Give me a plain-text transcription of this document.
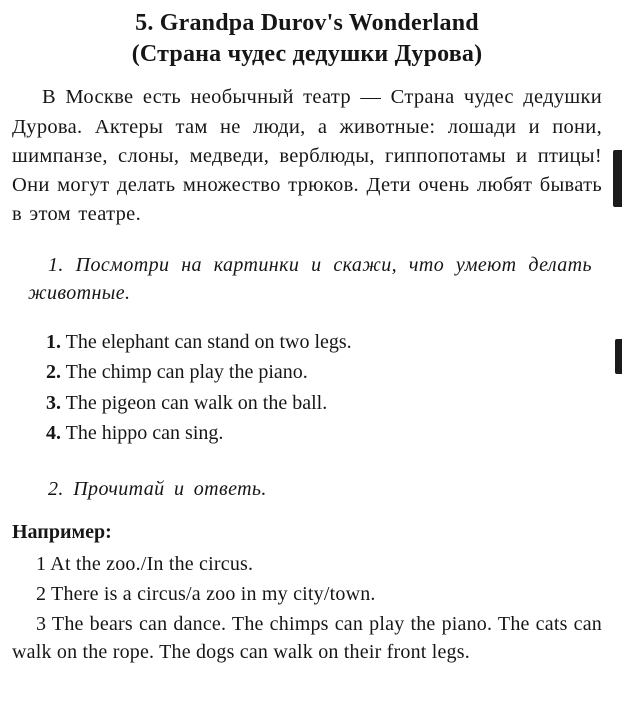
5. Grandpa Durov's Wonderland
(Страна чудес дедушки Дурова)

В Москве есть необычный театр — Страна чудес дедушки Дурова. Актеры там не люди, а животные: лошади и пони, шимпанзе, слоны, медведи, верблюды, гиппопотамы и птицы! Они могут делать множество трюков. Дети очень любят бывать в этом театре.

1. Посмотри на картинки и скажи, что умеют делать животные.

1. The elephant can stand on two legs.
2. The chimp can play the piano.
3. The pigeon can walk on the ball.
4. The hippo can sing.

2. Прочитай и ответь.

Например:

1 At the zoo./In the circus.

2 There is a circus/a zoo in my city/town.

3 The bears can dance. The chimps can play the piano. The cats can walk on the rope. The dogs can walk on their front legs.
